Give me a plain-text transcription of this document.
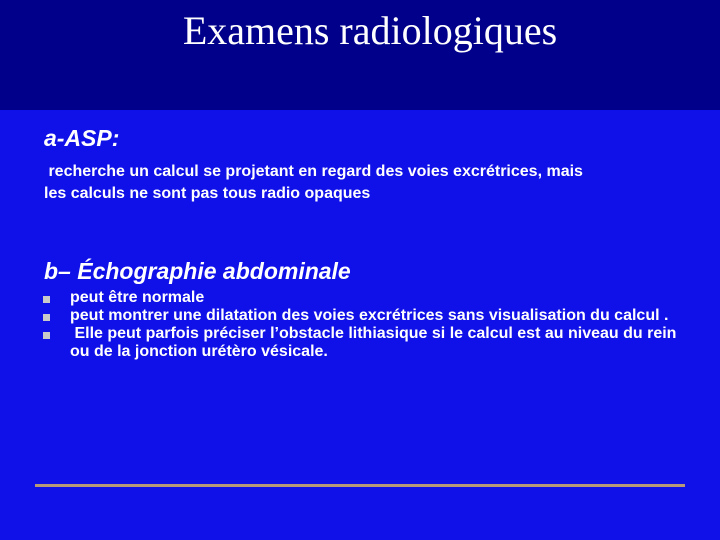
Examens radiologiques
a-ASP:
recherche un calcul se projetant en regard des voies excrétrices, mais les calculs ne sont pas tous radio opaques
b– Échographie abdominale
peut être normale
peut montrer une dilatation des voies excrétrices sans visualisation du calcul .
Elle peut parfois préciser l’obstacle lithiasique si le calcul est au niveau du rein ou de la jonction urétèro vésicale.
